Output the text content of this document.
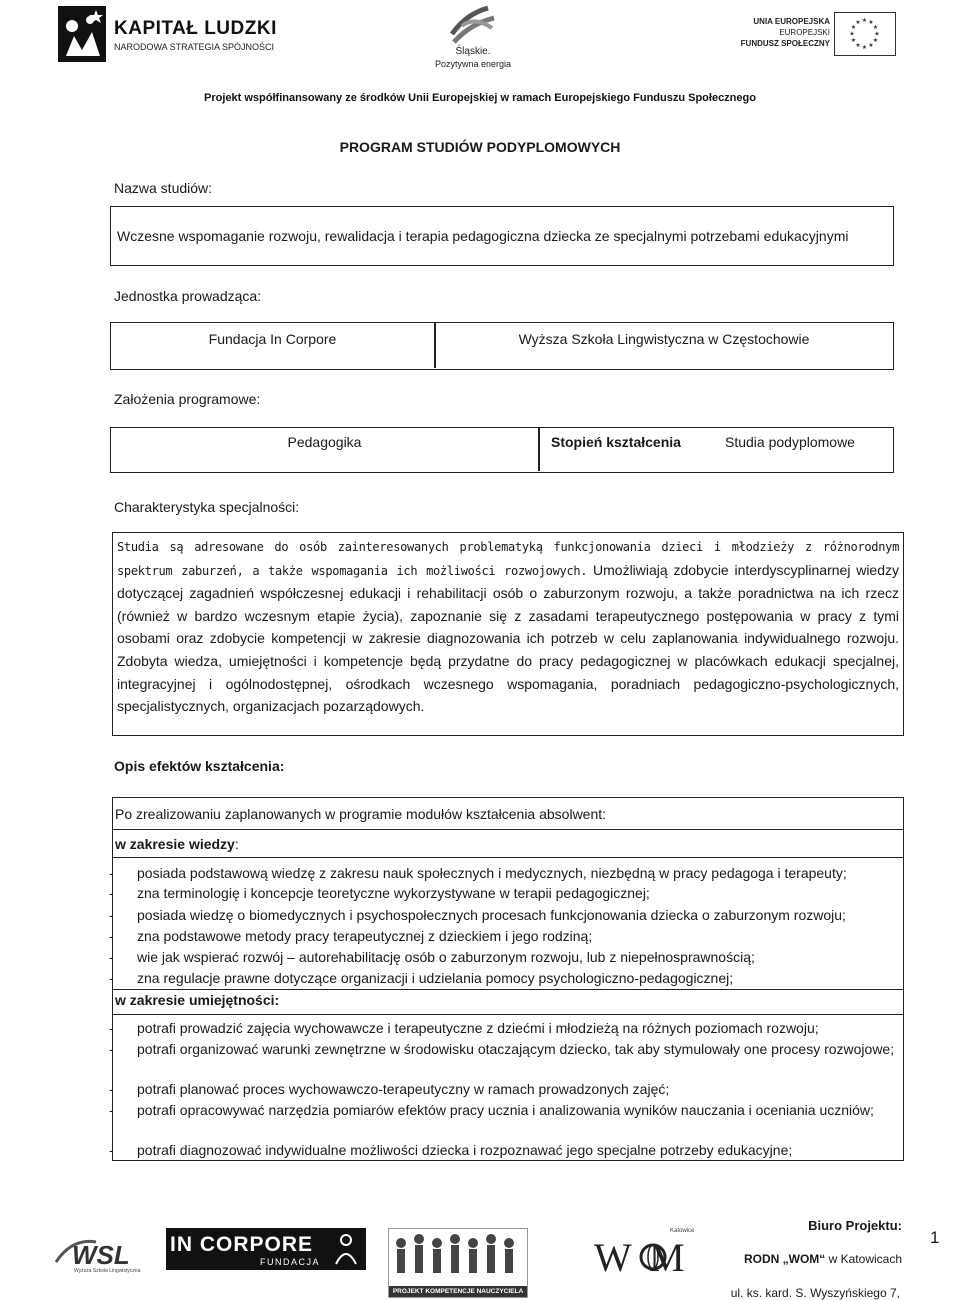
KAPITAŁ LUDZKI
NARODOWA STRATEGIA SPÓJNOŚCI	Śląskie.
Pozytywna energia
UNIA EUROPEJSKA
EUROPEJSKI
FUNDUSZ SPOŁECZNY
★ ★
★
★
★
★
★
★
★
★
★
★
Projekt współfinansowany ze środków Unii Europejskiej w ramach Europejskiego Funduszu Społecznego
PROGRAM STUDIÓW PODYPLOMOWYCH
Nazwa studiów:
Wczesne wspomaganie rozwoju, rewalidacja i terapia pedagogiczna dziecka ze specjalnymi potrzebami edukacyjnymi
Jednostka prowadząca:
Fundacja In Corpore	Wyższa Szkoła Lingwistyczna w Częstochowie
Założenia programowe:
Pedagogika	Stopień kształcenia	Studia podyplomowe
Charakterystyka specjalności:
Studia są adresowane do osób zainteresowanych problematyką funkcjonowania dzieci i młodzieży z różnorodnym spektrum zaburzeń, a także wspomagania ich możliwości rozwojowych. Umożliwiają zdobycie interdyscyplinarnej wiedzy dotyczącej zagadnień współczesnej edukacji i rehabilitacji osób o zaburzonym rozwoju, a także poradnictwa na ich rzecz (również w bardzo wczesnym etapie życia), zapoznanie się z zasadami terapeutycznego postępowania w pracy z tymi osobami oraz zdobycie kompetencji w zakresie diagnozowania ich potrzeb w celu zaplanowania indywidualnego rozwoju. Zdobyta wiedza, umiejętności i kompetencje będą przydatne do pracy pedagogicznej w placówkach edukacji specjalnej, integracyjnej i ogólnodostępnej, ośrodkach wczesnego wspomagania, poradniach pedagogiczno-psychologicznych, specjalistycznych, organizacjach pozarządowych.
Opis efektów kształcenia:
Po zrealizowaniu zaplanowanych w programie modułów kształcenia absolwent:
w zakresie wiedzy:
- posiada podstawową wiedzę z zakresu nauk społecznych i medycznych, niezbędną w pracy pedagoga i terapeuty;
- zna terminologię i koncepcje teoretyczne wykorzystywane w terapii pedagogicznej;
- posiada wiedzę o biomedycznych i psychospołecznych procesach funkcjonowania dziecka o zaburzonym rozwoju;
- zna podstawowe metody pracy terapeutycznej z dzieckiem i jego rodziną;
- wie jak wspierać rozwój – autorehabilitację osób o zaburzonym rozwoju, lub z niepełnosprawnością;
- zna regulacje prawne dotyczące organizacji i udzielania pomocy psychologiczno-pedagogicznej;
w zakresie umiejętności:
- potrafi prowadzić zajęcia wychowawcze i terapeutyczne z dziećmi i młodzieżą na różnych poziomach rozwoju;
- potrafi organizować warunki zewnętrzne w środowisku otaczającym dziecko, tak aby stymulowały one procesy rozwojowe;
- potrafi planować proces wychowawczo-terapeutyczny w ramach prowadzonych zajęć;
- potrafi opracowywać narzędzia pomiarów efektów pracy ucznia i analizowania wyników nauczania i oceniania uczniów;
- potrafi diagnozować indywidualne możliwości dziecka i rozpoznawać jego specjalne potrzeby edukacyjne;
WSL
Wyższa Szkoła Lingwistyczna
IN CORPORE
FUNDACJA
PROJEKT KOMPETENCJE NAUCZYCIELA
W M
Katowice	Biuro Projektu:
RODN „WOM“ w Katowicach
ul. ks. kard. S. Wyszyńskiego 7,
1
